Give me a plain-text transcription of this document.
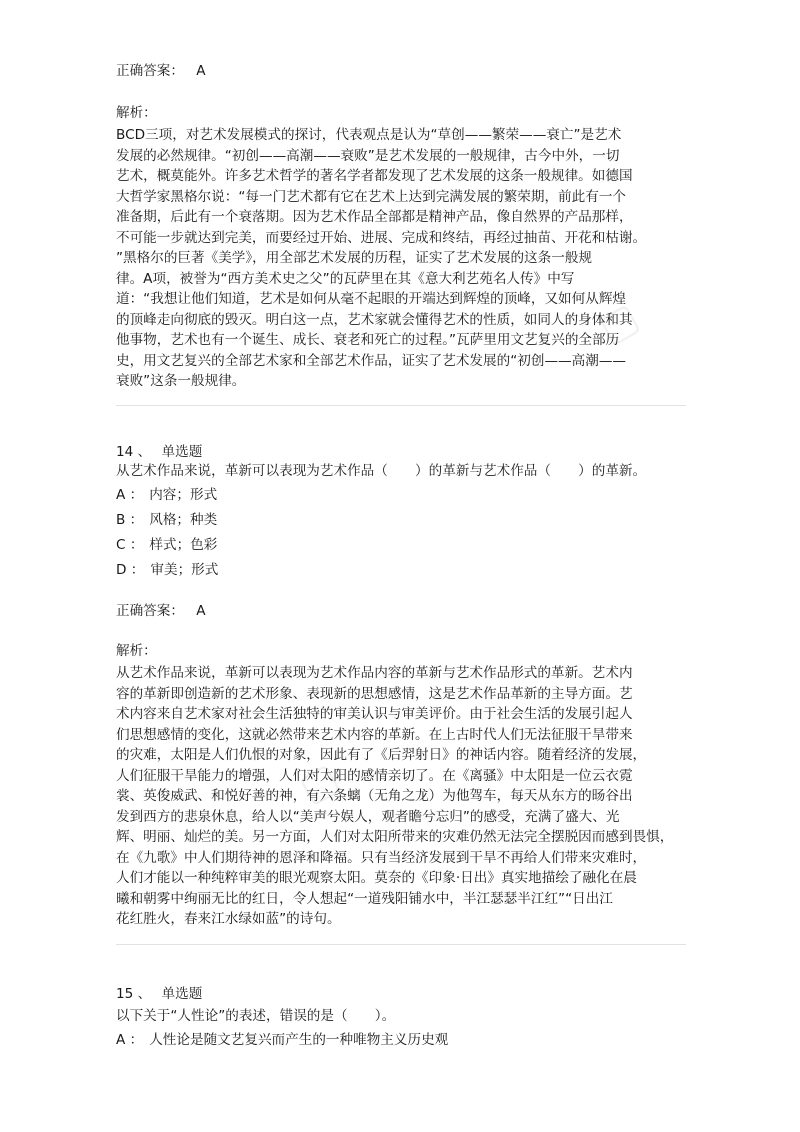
▢
▢
正确答案： A
解析：
BCD三项，对艺术发展模式的探讨，代表观点是认为“草创——繁荣——衰亡”是艺术
发展的必然规律。“初创——高潮——衰败”是艺术发展的一般规律，古今中外，一切
艺术，概莫能外。许多艺术哲学的著名学者都发现了艺术发展的这条一般规律。如德国
大哲学家黑格尔说：“每一门艺术都有它在艺术上达到完满发展的繁荣期，前此有一个
准备期，后此有一个衰落期。因为艺术作品全部都是精神产品，像自然界的产品那样，
不可能一步就达到完美，而要经过开始、进展、完成和终结，再经过抽苗、开花和枯谢。
”黑格尔的巨著《美学》，用全部艺术发展的历程，证实了艺术发展的这条一般规
律。A项，被誉为“西方美术史之父”的瓦萨里在其《意大利艺苑名人传》中写
道：“我想让他们知道，艺术是如何从毫不起眼的开端达到辉煌的顶峰，又如何从辉煌
的顶峰走向彻底的毁灭。明白这一点，艺术家就会懂得艺术的性质，如同人的身体和其
他事物，艺术也有一个诞生、成长、衰老和死亡的过程。”瓦萨里用文艺复兴的全部历
史，用文艺复兴的全部艺术家和全部艺术作品，证实了艺术发展的“初创——高潮——
衰败”这条一般规律。
14 、 单选题
从艺术作品来说，革新可以表现为艺术作品（　　）的革新与艺术作品（　　）的革新。
A ： 内容；形式
B ： 风格；种类
C ： 样式；色彩
D ： 审美；形式
正确答案： A
解析：
从艺术作品来说，革新可以表现为艺术作品内容的革新与艺术作品形式的革新。艺术内
容的革新即创造新的艺术形象、表现新的思想感情，这是艺术作品革新的主导方面。艺
术内容来自艺术家对社会生活独特的审美认识与审美评价。由于社会生活的发展引起人
们思想感情的变化，这就必然带来艺术内容的革新。在上古时代人们无法征服干旱带来
的灾难，太阳是人们仇恨的对象，因此有了《后羿射日》的神话内容。随着经济的发展，
人们征服干旱能力的增强，人们对太阳的感情亲切了。在《离骚》中太阳是一位云衣霓
裳、英俊威武、和悦好善的神，有六条螭（无角之龙）为他驾车，每天从东方的旸谷出
发到西方的悲泉休息，给人以“美声兮娱人，观者瞻兮忘归”的感受，充满了盛大、光
辉、明丽、灿烂的美。另一方面，人们对太阳所带来的灾难仍然无法完全摆脱因而感到畏惧，
在《九歌》中人们期待神的恩泽和降福。只有当经济发展到干旱不再给人们带来灾难时，
人们才能以一种纯粹审美的眼光观察太阳。莫奈的《印象·日出》真实地描绘了融化在晨
曦和朝雾中绚丽无比的红日，令人想起“一道残阳铺水中，半江瑟瑟半江红”“日出江
花红胜火，春来江水绿如蓝”的诗句。
15 、 单选题
以下关于“人性论”的表述，错误的是（　　）。
A ： 人性论是随文艺复兴而产生的一种唯物主义历史观
